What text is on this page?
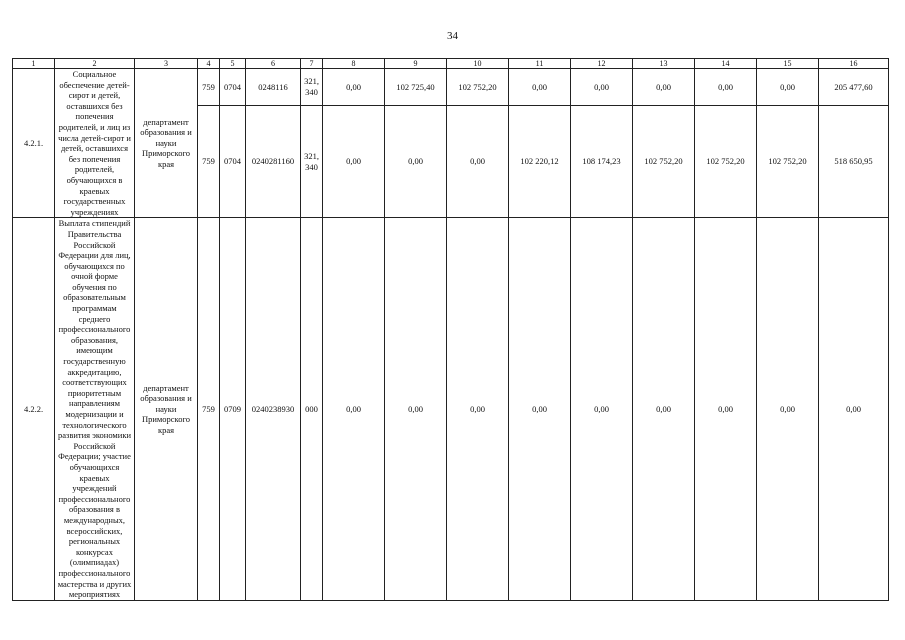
34
1	2	3	4	5	6	7	8	9	10	11	12	13	14	15	16
4.2.1.	Социальное обеспечение детей-сирот и детей, оставшихся без попечения родителей, и лиц из числа детей-сирот и детей, оставшихся без попечения родителей, обучающихся в краевых государственных учреждениях	департамент образования и науки Приморского края	759	0704	0248116	321, 340	0,00	102 725,40	102 752,20	0,00	0,00	0,00	0,00	0,00	205 477,60
			759	0704	0240281160	321, 340	0,00	0,00	0,00	102 220,12	108 174,23	102 752,20	102 752,20	102 752,20	518 650,95
4.2.2.	Выплата стипендий Правительства Российской Федерации для лиц, обучающихся по очной форме обучения по образовательным программам среднего профессионального образования, имеющим государственную аккредитацию, соответствующих приоритетным направлениям модернизации и технологического развития экономики Российской Федерации; участие обучающихся краевых учреждений профессионального образования в международных, всероссийских, региональных конкурсах (олимпиадах) профессионального мастерства и других мероприятиях	департамент образования и науки Приморского края	759	0709	0240238930	000	0,00	0,00	0,00	0,00	0,00	0,00	0,00	0,00	0,00
